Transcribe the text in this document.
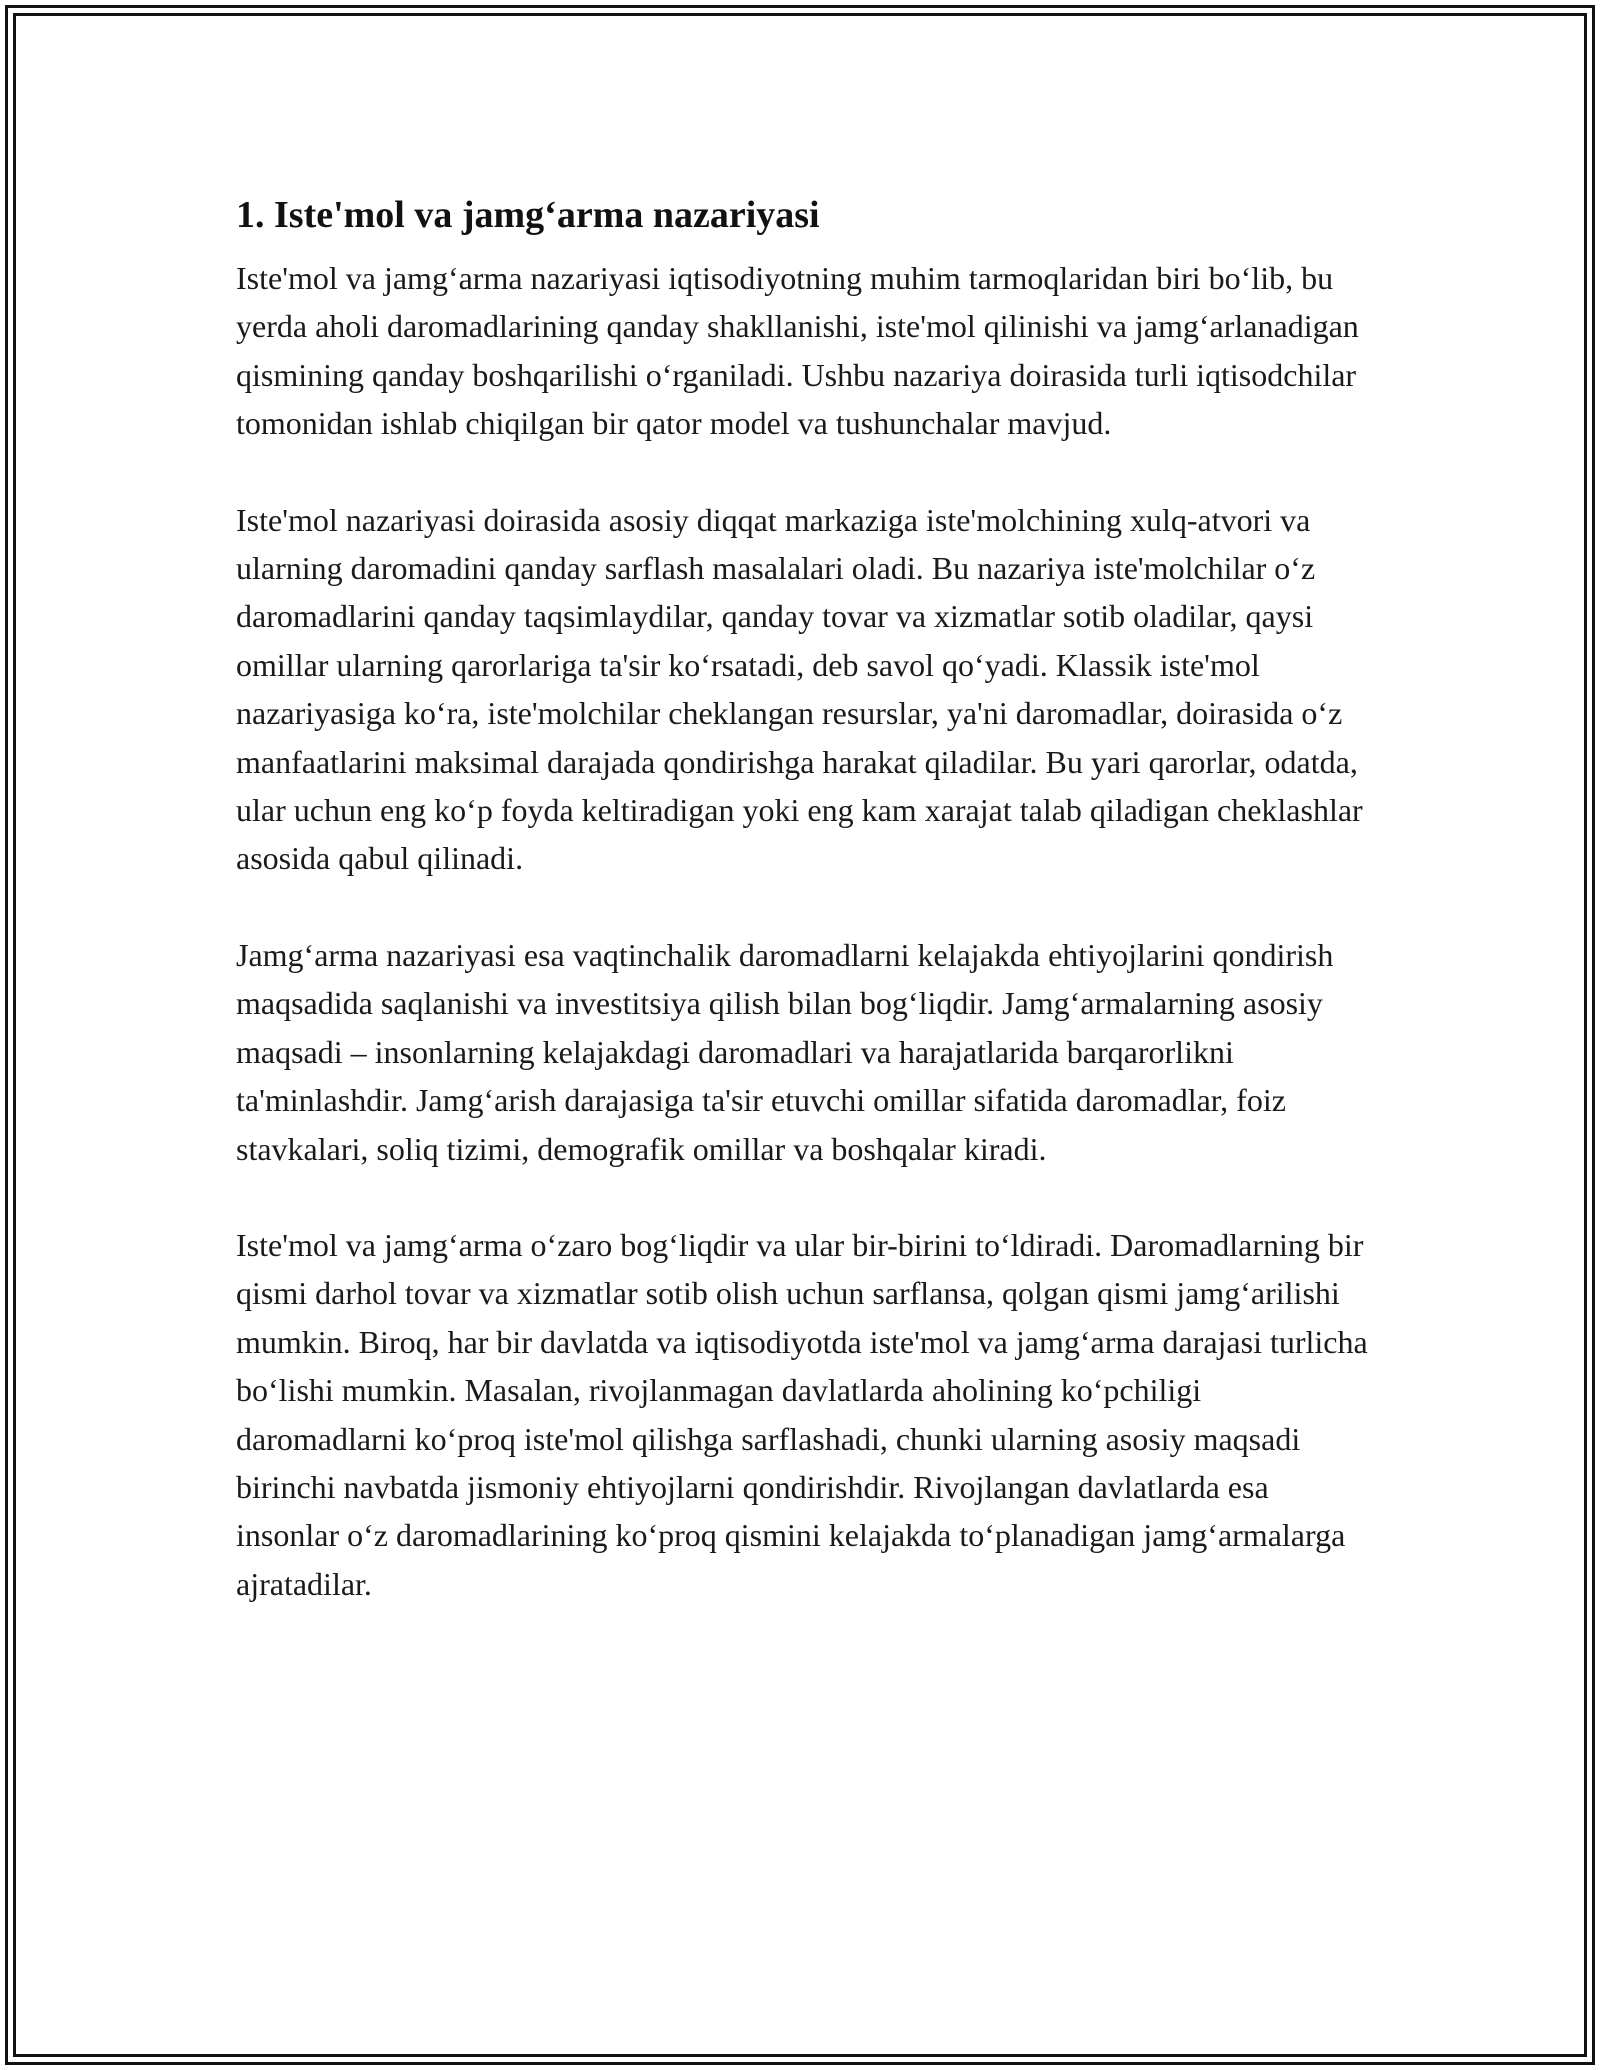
1. Iste'mol va jamg‘arma nazariyasi

Iste'mol va jamg‘arma nazariyasi iqtisodiyotning muhim tarmoqlaridan biri bo‘lib, bu yerda aholi daromadlarining qanday shakllanishi, iste'mol qilinishi va jamg‘arlanadigan qismining qanday boshqarilishi o‘rganiladi. Ushbu nazariya doirasida turli iqtisodchilar tomonidan ishlab chiqilgan bir qator model va tushunchalar mavjud.

Iste'mol nazariyasi doirasida asosiy diqqat markaziga iste'molchining xulq-atvori va ularning daromadini qanday sarflash masalalari oladi. Bu nazariya iste'molchilar o‘z daromadlarini qanday taqsimlaydilar, qanday tovar va xizmatlar sotib oladilar, qaysi omillar ularning qarorlariga ta'sir ko‘rsatadi, deb savol qo‘yadi. Klassik iste'mol nazariyasiga ko‘ra, iste'molchilar cheklangan resurslar, ya'ni daromadlar, doirasida o‘z manfaatlarini maksimal darajada qondirishga harakat qiladilar. Bu yari qarorlar, odatda, ular uchun eng ko‘p foyda keltiradigan yoki eng kam xarajat talab qiladigan cheklashlar asosida qabul qilinadi.

Jamg‘arma nazariyasi esa vaqtinchalik daromadlarni kelajakda ehtiyojlarini qondirish maqsadida saqlanishi va investitsiya qilish bilan bog‘liqdir. Jamg‘armalarning asosiy maqsadi – insonlarning kelajakdagi daromadlari va harajatlarida barqarorlikni ta'minlashdir. Jamg‘arish darajasiga ta'sir etuvchi omillar sifatida daromadlar, foiz stavkalari, soliq tizimi, demografik omillar va boshqalar kiradi.

Iste'mol va jamg‘arma o‘zaro bog‘liqdir va ular bir-birini to‘ldiradi. Daromadlarning bir qismi darhol tovar va xizmatlar sotib olish uchun sarflansa, qolgan qismi jamg‘arilishi mumkin. Biroq, har bir davlatda va iqtisodiyotda iste'mol va jamg‘arma darajasi turlicha bo‘lishi mumkin. Masalan, rivojlanmagan davlatlarda aholining ko‘pchiligi daromadlarni ko‘proq iste'mol qilishga sarflashadi, chunki ularning asosiy maqsadi birinchi navbatda jismoniy ehtiyojlarni qondirishdir. Rivojlangan davlatlarda esa insonlar o‘z daromadlarining ko‘proq qismini kelajakda to‘planadigan jamg‘armalarga ajratadilar.
